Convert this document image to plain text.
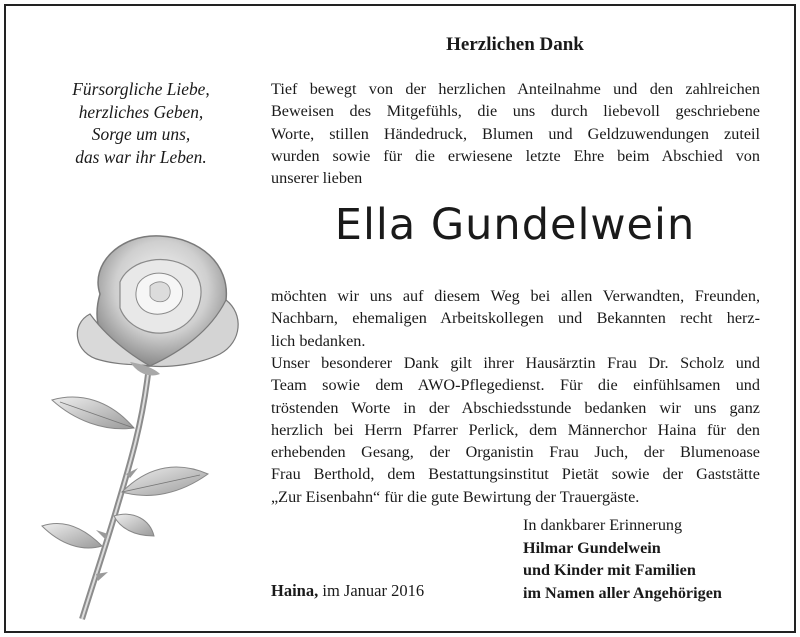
Herzlichen Dank
Fürsorgliche Liebe,
herzliches Geben,
Sorge um uns,
das war ihr Leben.
Tief bewegt von der herzlichen Anteilnahme und den zahlreichen
Beweisen des Mitgefühls, die uns durch liebevoll geschriebene
Worte, stillen Händedruck, Blumen und Geldzuwendungen zuteil
wurden sowie für die erwiesene letzte Ehre beim Abschied von
unserer lieben
Ella Gundelwein
möchten wir uns auf diesem Weg bei allen Verwandten, Freunden,
Nachbarn, ehemaligen Arbeitskollegen und Bekannten recht herz-
lich bedanken.
Unser besonderer Dank gilt ihrer Hausärztin Frau Dr. Scholz und
Team sowie dem AWO-Pflegedienst. Für die einfühlsamen und
tröstenden Worte in der Abschiedsstunde bedanken wir uns ganz
herzlich bei Herrn Pfarrer Perlick, dem Männerchor Haina für den
erhebenden Gesang, der Organistin Frau Juch, der Blumenoase
Frau Berthold, dem Bestattungsinstitut Pietät sowie der Gaststätte
„Zur Eisenbahn“ für die gute Bewirtung der Trauergäste.
Haina, im Januar 2016
In dankbarer Erinnerung
Hilmar Gundelwein
und Kinder mit Familien
im Namen aller Angehörigen
